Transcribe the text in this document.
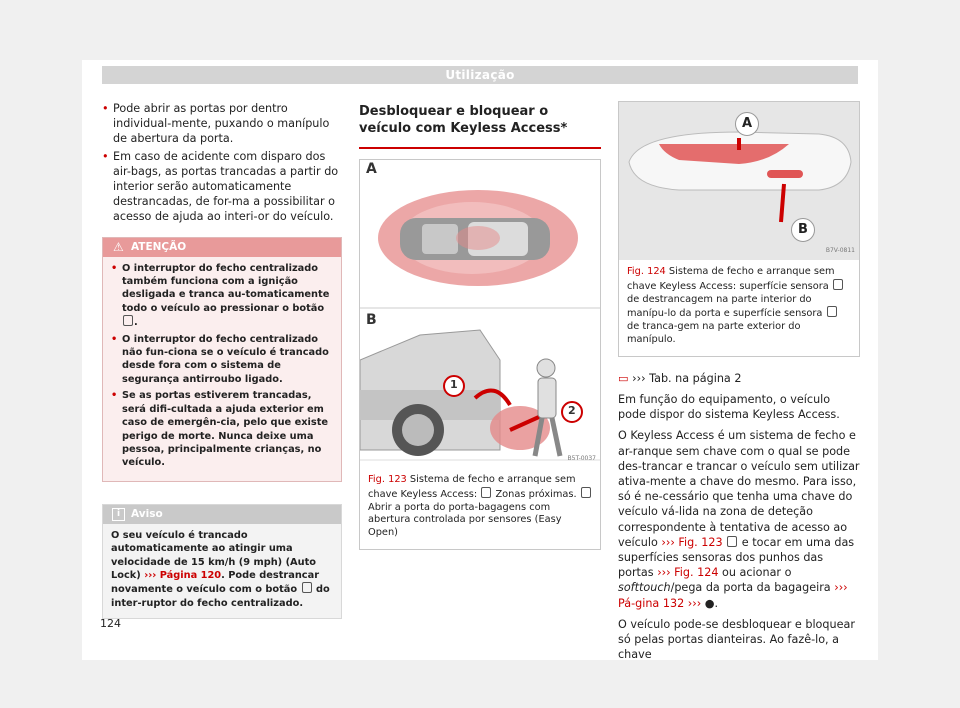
Utilização
• Pode abrir as portas por dentro individual-mente, puxando o manípulo de abertura da porta.
• Em caso de acidente com disparo dos air-bags, as portas trancadas a partir do interior serão automaticamente destrancadas, de for-ma a possibilitar o acesso de ajuda ao interi-or do veículo.
⚠ ATENÇÃO
• O interruptor do fecho centralizado também funciona com a ignição desligada e tranca au-tomaticamente todo o veículo ao pressionar o botão .
• O interruptor do fecho centralizado não fun-ciona se o veículo é trancado desde fora com o sistema de segurança antirroubo ligado.
• Se as portas estiverem trancadas, será difi-cultada a ajuda exterior em caso de emergên-cia, pelo que existe perigo de morte. Nunca deixe uma pessoa, principalmente crianças, no veículo.
i	Aviso
O seu veículo é trancado automaticamente ao atingir uma velocidade de 15 km/h (9 mph) (Auto Lock) ››› Página 120. Pode destrancar novamente o veículo com o botão do inter-ruptor do fecho centralizado.
Desbloquear e bloquear o veículo com Keyless Access*
A
B
1
2
B5T-0037
Fig. 123 Sistema de fecho e arranque sem chave Keyless Access: Zonas próximas.  Abrir a porta do porta-bagagens com abertura controlada por sensores (Easy Open)
A
B
B7V-0811
Fig. 124 Sistema de fecho e arranque sem chave Keyless Access: superfície sensora  de destrancagem na parte interior do manípu-lo da porta e superfície sensora  de tranca-gem na parte exterior do manípulo.

▭ ››› Tab. na página 2

Em função do equipamento, o veículo pode dispor do sistema Keyless Access.

O Keyless Access é um sistema de fecho e ar-ranque sem chave com o qual se pode des-trancar e trancar o veículo sem utilizar ativa-mente a chave do mesmo. Para isso, só é ne-cessário que tenha uma chave do veículo vá-lida na zona de deteção correspondente à tentativa de acesso ao veículo ››› Fig. 123 e tocar em uma das superfícies sensoras dos punhos das portas ››› Fig. 124 ou acionar o softtouch/pega da porta da bagageira ››› Pá-gina 132 ››› ●.

O veículo pode-se desbloquear e bloquear só pelas portas dianteiras. Ao fazê-lo, a chave

124
